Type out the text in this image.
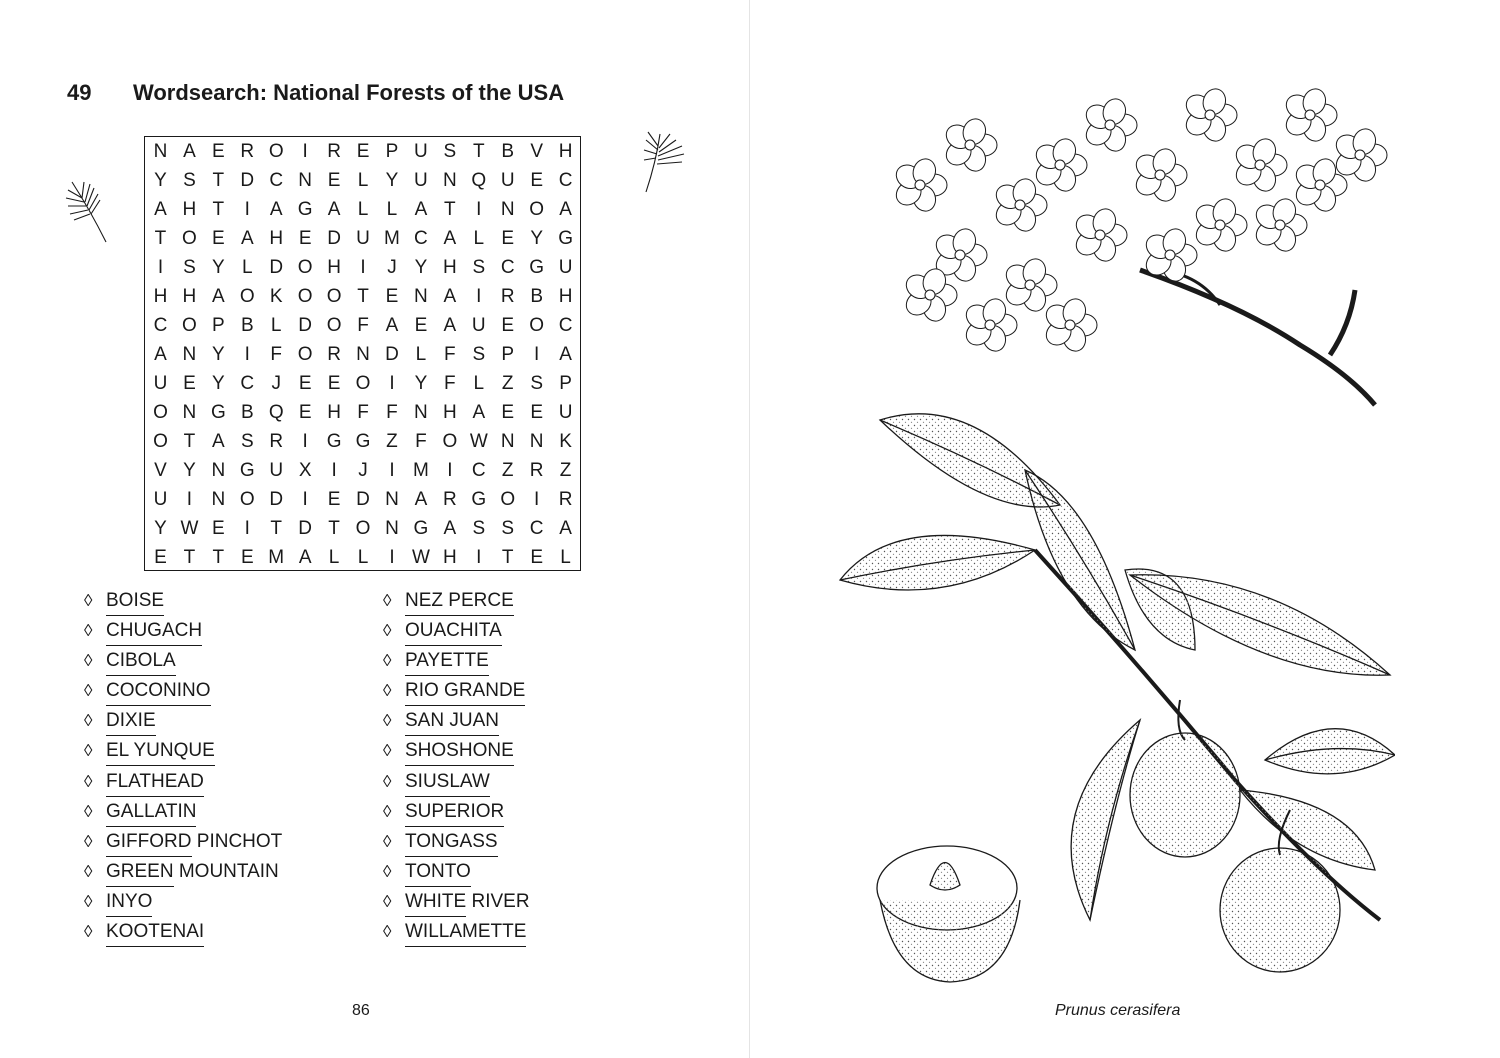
49 Wordsearch: National Forests of the USA
N A E R O I	R E P U S T B V H
Y S T D C N E L Y U N Q U E C
A H T	I	A G A L L A T	I	N O A
T O E A H E D U M C A L E Y G
I	S Y L D O H	I	J Y H S C G U
H H A O K O O T E N A	I	R B H
C O P B L D O F A E A U E O C
A N Y	I	F O R N D L F S P	I	A
U E Y C J E E O I	Y F L Z S P
O N G B Q E H F F N H A E E U
O T A S R	I G G Z F O W N N K
V Y N G U X	I	J	I M I	C Z R Z
U	I	N O D	I	E D N A R G O I	R
Y W E	I	T D T O N G A S S C A
E T T E M A L L	I W H	I	T E L
◊ BOISE
◊ CHUGACH
◊ CIBOLA
◊ COCONINO
◊ DIXIE
◊ EL YUNQUE
◊ FLATHEAD
◊ GALLATIN
◊ GIFFORD PINCHOT
◊ GREEN MOUNTAIN
◊ INYO
◊ KOOTENAI
◊ NEZ PERCE
◊ OUACHITA
◊ PAYETTE
◊ RIO GRANDE
◊ SAN JUAN
◊ SHOSHONE
◊ SIUSLAW
◊ SUPERIOR
◊ TONGASS
◊ TONTO
◊ WHITE RIVER
◊ WILLAMETTE
86	Prunus cerasifera
